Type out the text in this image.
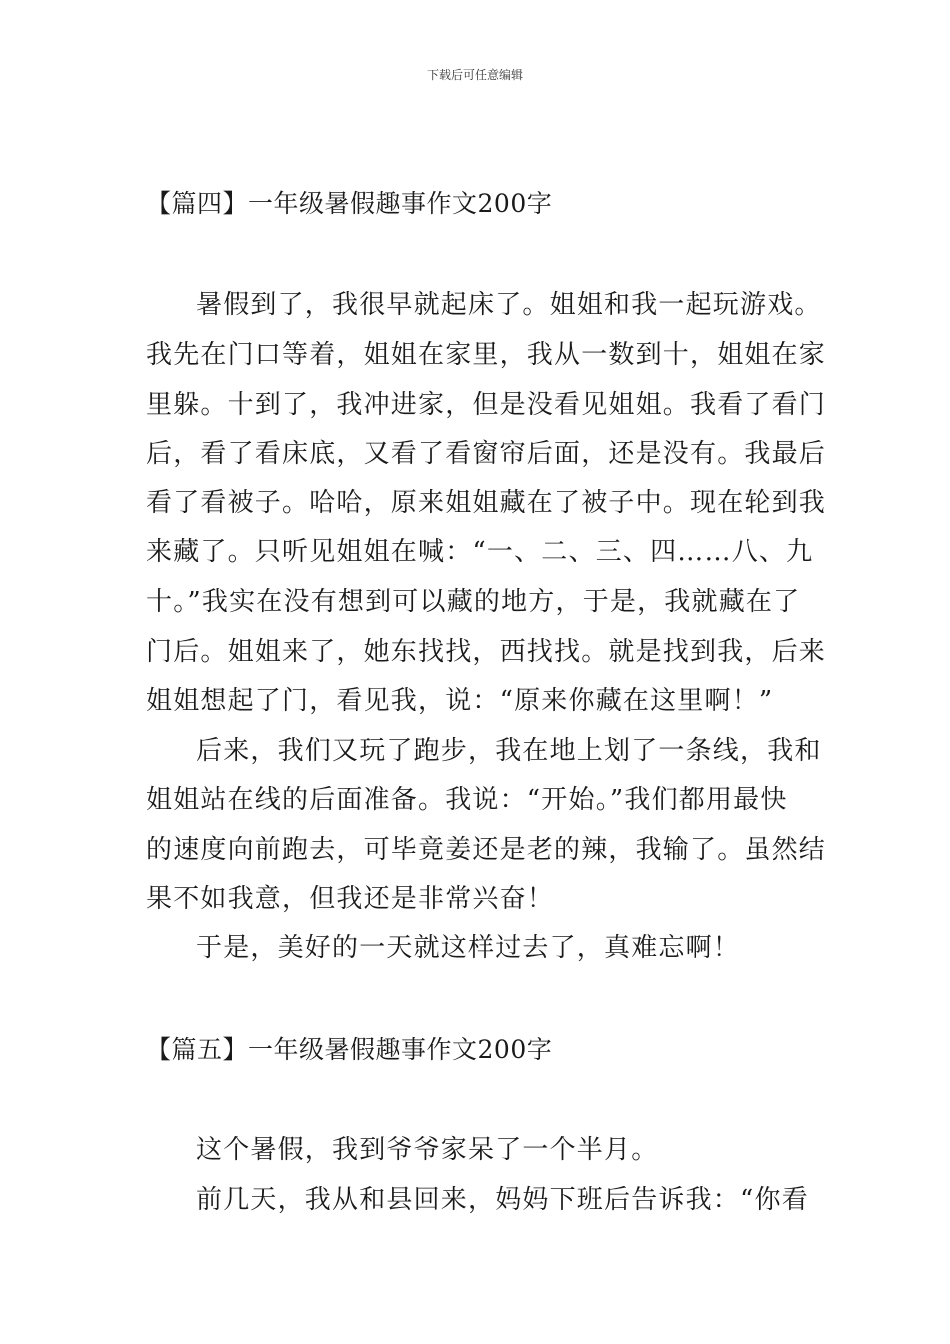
下载后可任意编辑
【篇四】一年级暑假趣事作文200字
暑假到了，我很早就起床了。姐姐和我一起玩游戏。
我先在门口等着，姐姐在家里，我从一数到十，姐姐在家
里躲。十到了，我冲进家，但是没看见姐姐。我看了看门
后，看了看床底，又看了看窗帘后面，还是没有。我最后
看了看被子。哈哈，原来姐姐藏在了被子中。现在轮到我
来藏了。只听见姐姐在喊：“一、二、三、四……八、九
十。”我实在没有想到可以藏的地方，于是，我就藏在了
门后。姐姐来了，她东找找，西找找。就是找到我，后来
姐姐想起了门，看见我，说：“原来你藏在这里啊！”
后来，我们又玩了跑步，我在地上划了一条线，我和
姐姐站在线的后面准备。我说：“开始。”我们都用最快
的速度向前跑去，可毕竟姜还是老的辣，我输了。虽然结
果不如我意，但我还是非常兴奋！
于是，美好的一天就这样过去了，真难忘啊！
【篇五】一年级暑假趣事作文200字
这个暑假，我到爷爷家呆了一个半月。
前几天，我从和县回来，妈妈下班后告诉我：“你看
